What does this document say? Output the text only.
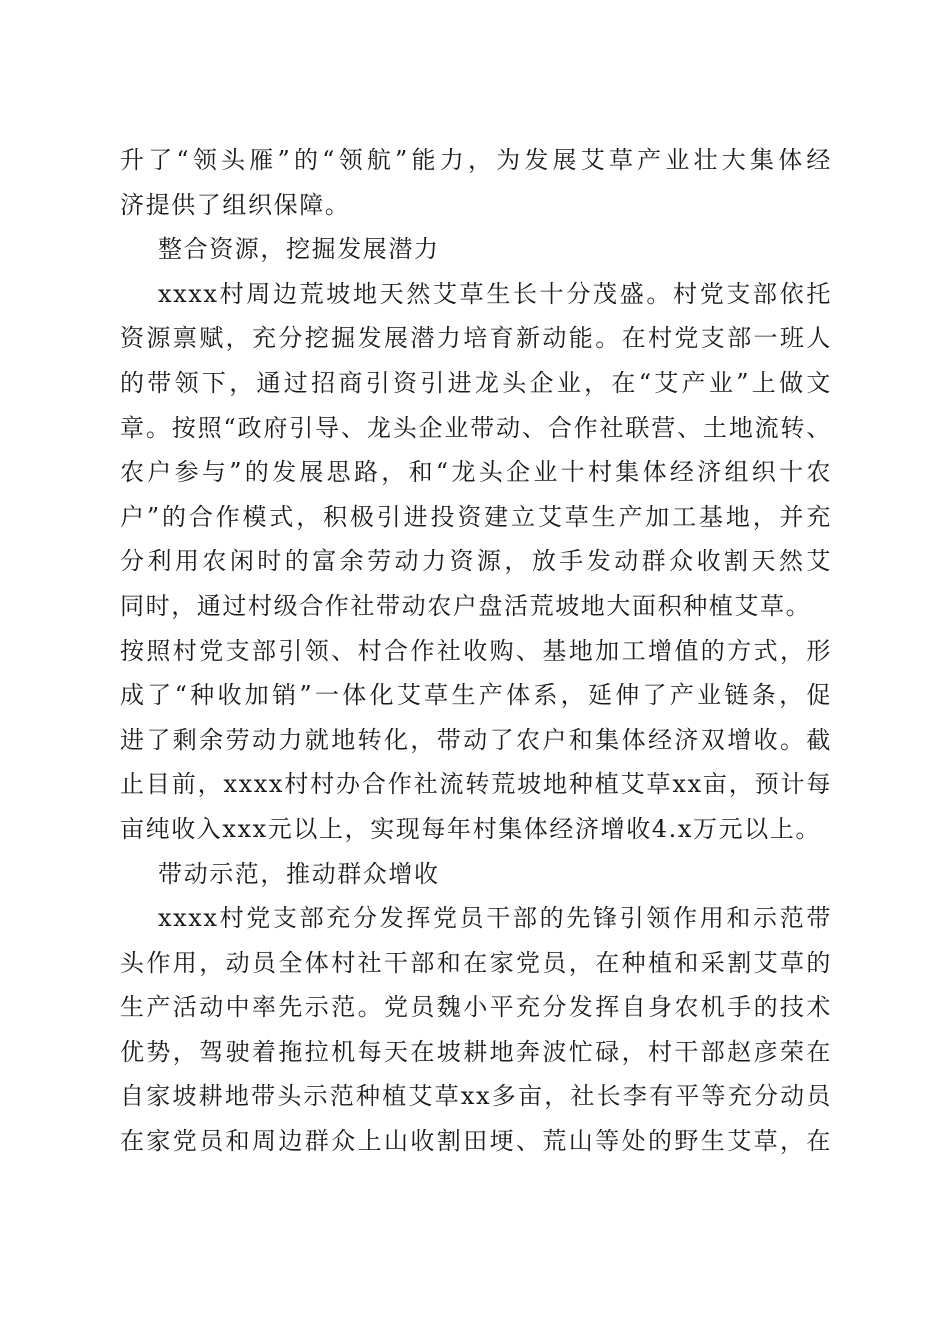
升了“领头雁”的“领航”能力，为发展艾草产业壮大集体经
济提供了组织保障。
整合资源，挖掘发展潜力
xxxx村周边荒坡地天然艾草生长十分茂盛。村党支部依托
资源禀赋，充分挖掘发展潜力培育新动能。在村党支部一班人
的带领下，通过招商引资引进龙头企业，在“艾产业”上做文
章。按照“政府引导、龙头企业带动、合作社联营、土地流转、
农户参与”的发展思路，和“龙头企业十村集体经济组织十农
户”的合作模式，积极引进投资建立艾草生产加工基地，并充
分利用农闲时的富余劳动力资源，放手发动群众收割天然艾
同时，通过村级合作社带动农户盘活荒坡地大面积种植艾草。
按照村党支部引领、村合作社收购、基地加工增值的方式，形
成了“种收加销”一体化艾草生产体系，延伸了产业链条，促
进了剩余劳动力就地转化，带动了农户和集体经济双增收。截
止目前，xxxx村村办合作社流转荒坡地种植艾草xx亩，预计每
亩纯收入xxx元以上，实现每年村集体经济增收4.x万元以上。
带动示范，推动群众增收
xxxx村党支部充分发挥党员干部的先锋引领作用和示范带
头作用，动员全体村社干部和在家党员，在种植和采割艾草的
生产活动中率先示范。党员魏小平充分发挥自身农机手的技术
优势，驾驶着拖拉机每天在坡耕地奔波忙碌，村干部赵彦荣在
自家坡耕地带头示范种植艾草xx多亩，社长李有平等充分动员
在家党员和周边群众上山收割田埂、荒山等处的野生艾草，在
